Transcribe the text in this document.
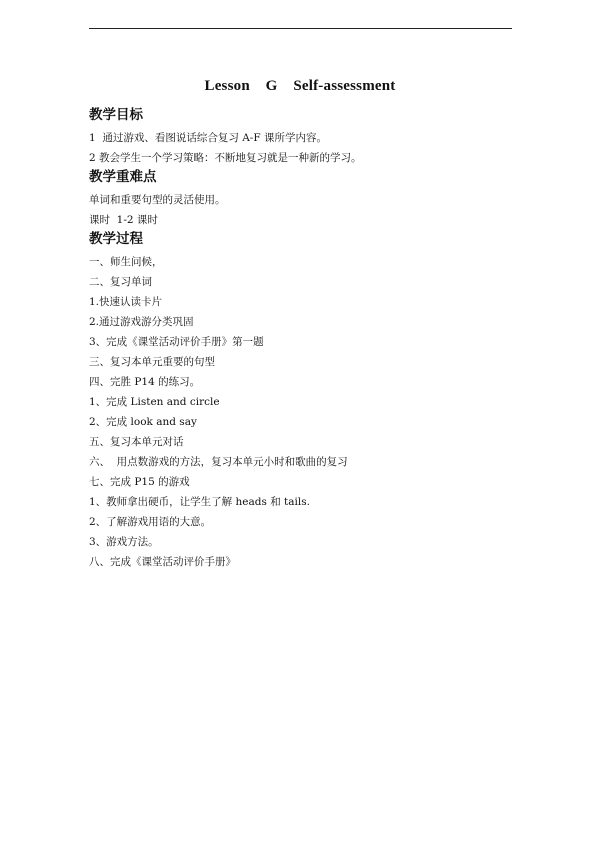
Lesson    G    Self-assessment
教学目标
1  通过游戏、看图说话综合复习 A-F 课所学内容。
2 教会学生一个学习策略：不断地复习就是一种新的学习。
教学重难点
单词和重要句型的灵活使用。
课时  1-2 课时
教学过程
一、师生问候，
二、复习单词
1.快速认读卡片
2.通过游戏游分类巩固
3、完成《课堂活动评价手册》第一题
三、复习本单元重要的句型
四、完胜 P14 的练习。
1、完成 Listen and circle
2、完成 look and say
五、复习本单元对话
六、  用点数游戏的方法，复习本单元小时和歌曲的复习
七、完成 P15 的游戏
1、教师拿出硬币，让学生了解 heads 和 tails.
2、了解游戏用语的大意。
3、游戏方法。
八、完成《课堂活动评价手册》
